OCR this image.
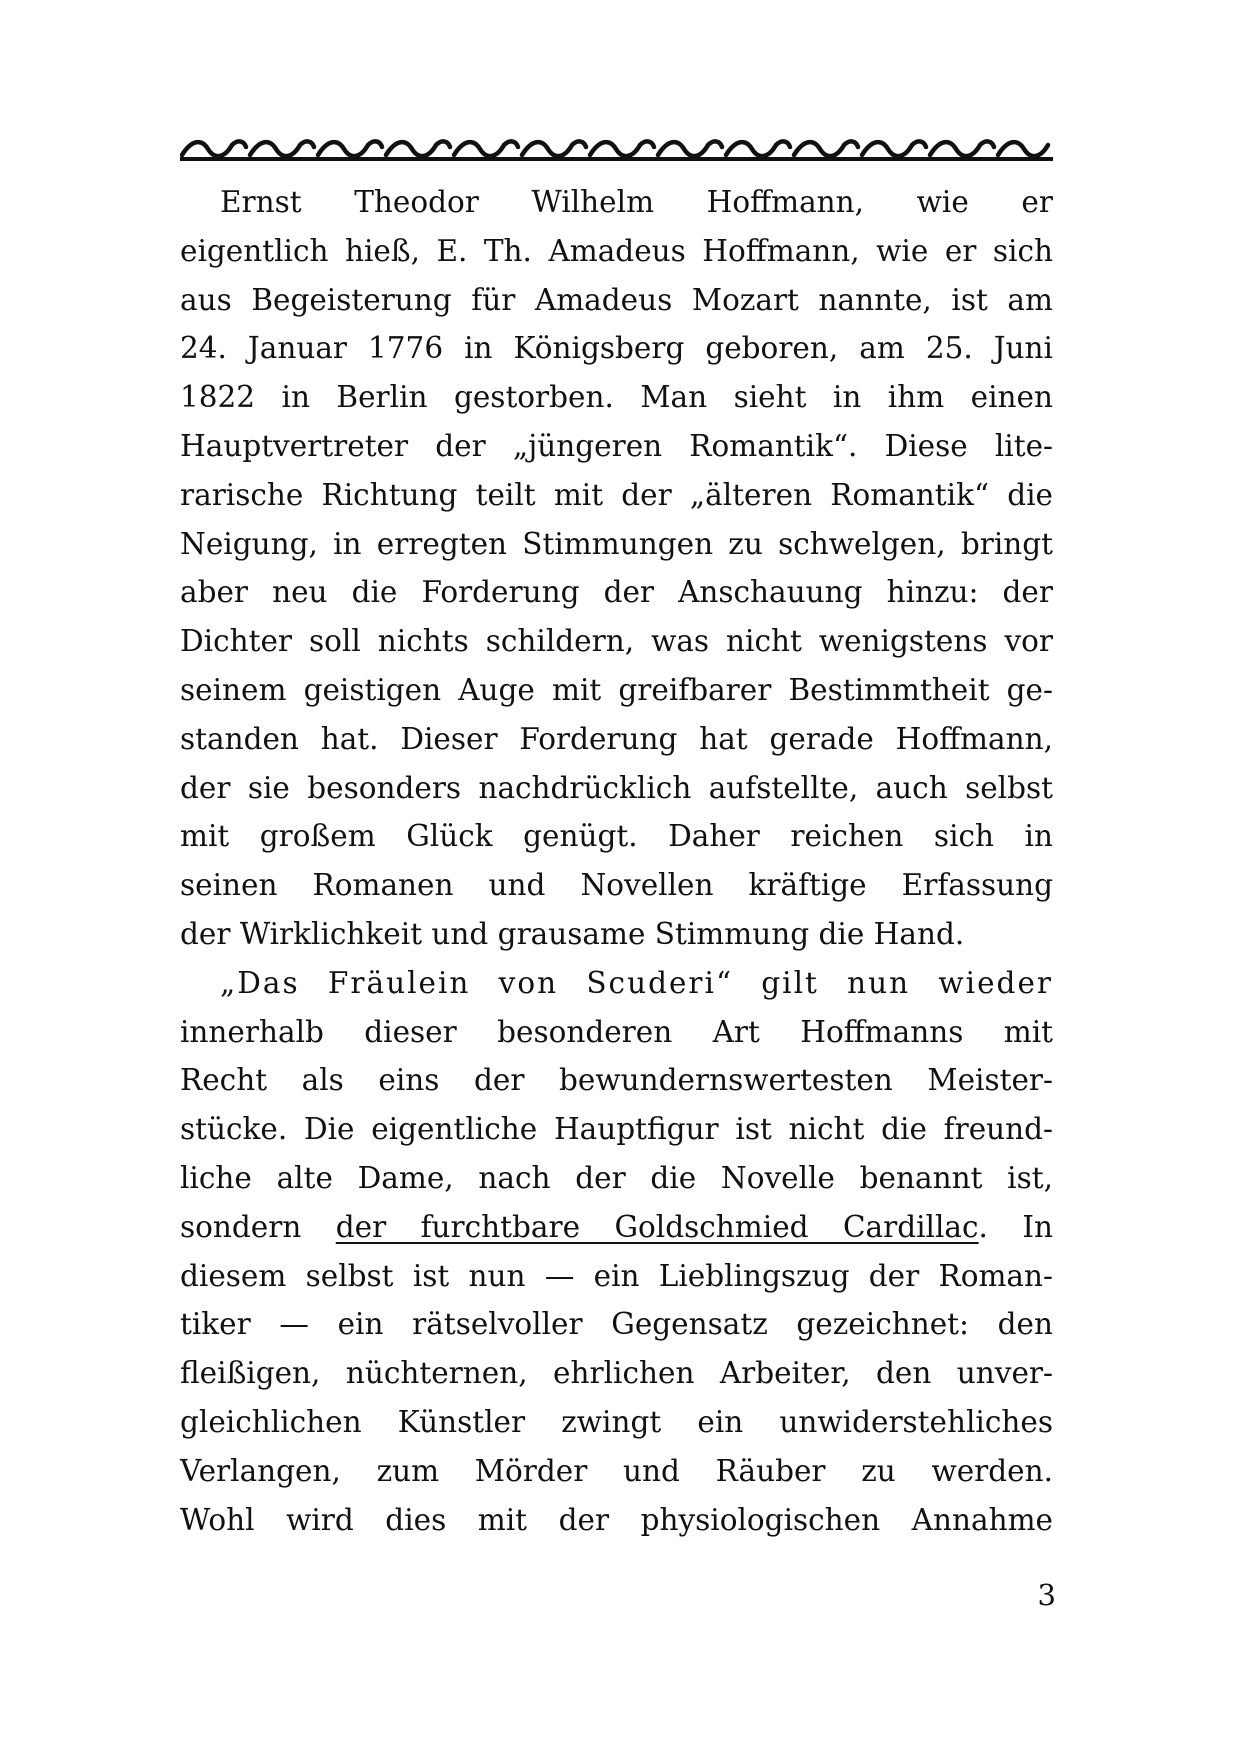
Ernst Theodor Wilhelm Hoffmann, wie er
eigentlich hieß, E. Th. Amadeus Hoffmann, wie er sich
aus Begeisterung für Amadeus Mozart nannte, ist am
24. Januar 1776 in Königsberg geboren, am 25. Juni
1822 in Berlin gestorben. Man sieht in ihm einen
Hauptvertreter der „jüngeren Romantik“. Diese lite-
rarische Richtung teilt mit der „älteren Romantik“ die
Neigung, in erregten Stimmungen zu schwelgen, bringt
aber neu die Forderung der Anschauung hinzu: der
Dichter soll nichts schildern, was nicht wenigstens vor
seinem geistigen Auge mit greifbarer Bestimmtheit ge-
standen hat. Dieser Forderung hat gerade Hoffmann,
der sie besonders nachdrücklich aufstellte, auch selbst
mit großem Glück genügt. Daher reichen sich in
seinen Romanen und Novellen kräftige Erfassung
der Wirklichkeit und grausame Stimmung die Hand.
„Das Fräulein von Scuderi“ gilt nun wieder
innerhalb dieser besonderen Art Hoffmanns mit
Recht als eins der bewundernswertesten Meister-
stücke. Die eigentliche Hauptfigur ist nicht die freund-
liche alte Dame, nach der die Novelle benannt ist,
sondern der furchtbare Goldschmied Cardillac. In
diesem selbst ist nun — ein Lieblingszug der Roman-
tiker — ein rätselvoller Gegensatz gezeichnet: den
fleißigen, nüchternen, ehrlichen Arbeiter, den unver-
gleichlichen Künstler zwingt ein unwiderstehliches
Verlangen, zum Mörder und Räuber zu werden.
Wohl wird dies mit der physiologischen Annahme
3
